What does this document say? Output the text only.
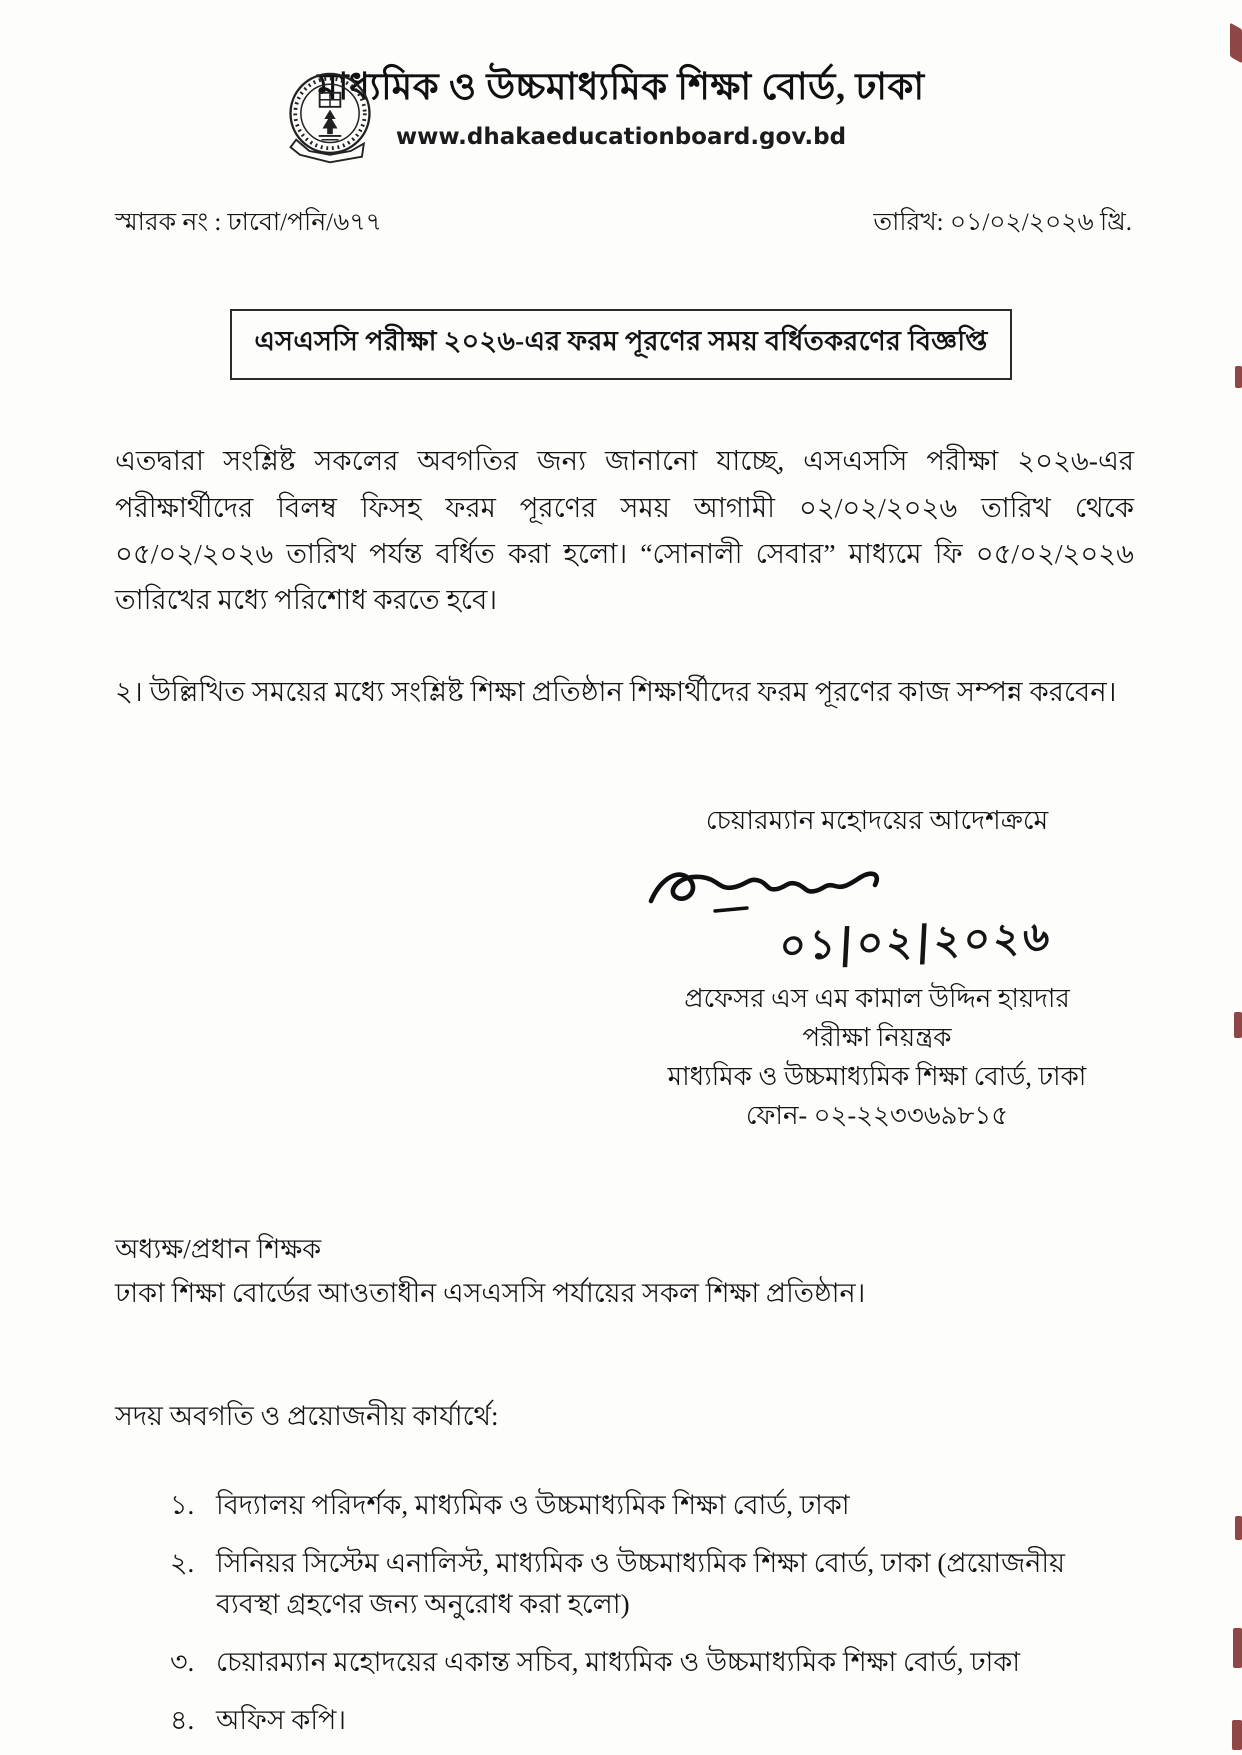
মাধ্যমিক ও উচ্চমাধ্যমিক শিক্ষা বোর্ড, ঢাকা
www.dhakaeducationboard.gov.bd
স্মারক নং : ঢাবো/পনি/৬৭৭	তারিখ: ০১/০২/২০২৬ খ্রি.
এসএসসি পরীক্ষা ২০২৬-এর ফরম পূরণের সময় বর্ধিতকরণের বিজ্ঞপ্তি
এতদ্বারা সংশ্লিষ্ট সকলের অবগতির জন্য জানানো যাচ্ছে, এসএসসি পরীক্ষা ২০২৬-এর পরীক্ষার্থীদের বিলম্ব ফিসহ ফরম পূরণের সময় আগামী ০২/০২/২০২৬ তারিখ থেকে ০৫/০২/২০২৬ তারিখ পর্যন্ত বর্ধিত করা হলো। “সোনালী সেবার” মাধ্যমে ফি ০৫/০২/২০২৬ তারিখের মধ্যে পরিশোধ করতে হবে।
২। উল্লিখিত সময়ের মধ্যে সংশ্লিষ্ট শিক্ষা প্রতিষ্ঠান শিক্ষার্থীদের ফরম পূরণের কাজ সম্পন্ন করবেন।
চেয়ারম্যান মহোদয়ের আদেশক্রমে
০১|০২|২০২৬
প্রফেসর এস এম কামাল উদ্দিন হায়দার
পরীক্ষা নিয়ন্ত্রক
মাধ্যমিক ও উচ্চমাধ্যমিক শিক্ষা বোর্ড, ঢাকা
ফোন- ০২-২২৩৩৬৯৮১৫
অধ্যক্ষ/প্রধান শিক্ষক
ঢাকা শিক্ষা বোর্ডের আওতাধীন এসএসসি পর্যায়ের সকল শিক্ষা প্রতিষ্ঠান।
সদয় অবগতি ও প্রয়োজনীয় কার্যার্থে:
১. বিদ্যালয় পরিদর্শক, মাধ্যমিক ও উচ্চমাধ্যমিক শিক্ষা বোর্ড, ঢাকা
২. সিনিয়র সিস্টেম এনালিস্ট, মাধ্যমিক ও উচ্চমাধ্যমিক শিক্ষা বোর্ড, ঢাকা (প্রয়োজনীয় ব্যবস্থা গ্রহণের জন্য অনুরোধ করা হলো)
৩. চেয়ারম্যান মহোদয়ের একান্ত সচিব, মাধ্যমিক ও উচ্চমাধ্যমিক শিক্ষা বোর্ড, ঢাকা
৪. অফিস কপি।
